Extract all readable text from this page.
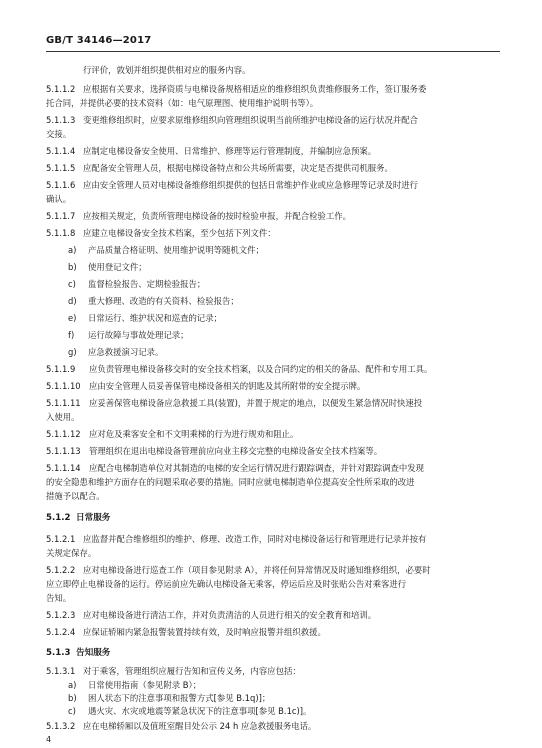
GB/T 34146—2017
行评价，敦划并组织提供相对应的服务内容。
5.1.1.2 应根据有关要求，选择资质与电梯设备规格相适应的维修组织负责维修服务工作，签订服务委
托合同，并提供必要的技术资料（如：电气原理图、使用维护说明书等）。
5.1.1.3 变更维修组织时，应要求原维修组织向管理组织说明当前所维护电梯设备的运行状况并配合
交接。
5.1.1.4 应制定电梯设备安全使用、日常维护、修理等运行管理制度，并编制应急预案。
5.1.1.5 应配备安全管理人员，根据电梯设备特点和公共场所需要，决定是否提供司机服务。
5.1.1.6 应由安全管理人员对电梯设备维修组织提供的包括日常维护作业或应急修理等记录及时进行
确认。
5.1.1.7 应按相关规定，负责所管理电梯设备的按时检验申报，并配合检验工作。
5.1.1.8 应建立电梯设备安全技术档案，至少包括下列文件：
a) 产品质量合格证明、使用维护说明等随机文件；
b) 使用登记文件；
c) 监督检验报告、定期检验报告；
d) 重大修理、改造的有关资料、检验报告；
e) 日常运行、维护状况和巡査的记录；
f) 运行故障与事故处理记录；
g) 应急救援演习记录。
5.1.1.9 应负责管理电梯设备移交时的安全技术档案，以及合同约定的相关的备品、配件和专用工具。
5.1.1.10 应由安全管理人员妥善保管电梯设备相关的钥匙及其所附带的安全提示牌。
5.1.1.11 应妥善保管电梯设备应急救援工具(装置)，并置于规定的地点，以便发生紧急情况时快速投
入使用。
5.1.1.12 应对危及乘客安全和不文明乘梯的行为进行规劝和阻止。
5.1.1.13 管理组织在退出电梯设备管理前应向业主移交完整的电梯设备安全技术档案等。
5.1.1.14 应配合电梯制造单位对其制造的电梯的安全运行情况进行跟踪调查，并针对跟踪调查中发现
的安全隐患和维护方面存在的问题采取必要的措施。同时应就电梯制造单位提高安全性所采取的改进
措施予以配合。
5.1.2 日常服务
5.1.2.1 应监督并配合维修组织的维护、修理、改造工作，同时对电梯设备运行和管理进行记录并按有
关规定保存。
5.1.2.2 应对电梯设备进行巡查工作（项目参见附录 A），并将任何异常情况及时通知维修组织，必要时
应立即停止电梯设备的运行。停运前应先确认电梯设备无乘客，停运后应及时张贴公告对乘客进行
告知。
5.1.2.3 应对电梯设备进行清洁工作，并对负责清洁的人员进行相关的安全教育和培训。
5.1.2.4 应保证轿厢内紧急报警装置持续有效，及时响应报警并组织救援。
5.1.3 告知服务
5.1.3.1 对于乘客，管理组织应履行告知和宣传义务，内容应包括：
a) 日常使用指南（参见附录 B）；
b) 困人状态下的注意事项和报警方式[参见 B.1q)]；
c) 遇火灾、水灾或地震等紧急状况下的注意事项[参见 B.1c)]。
5.1.3.2 应在电梯轿厢以及值班室醒目处公示 24 h 应急救援服务电话。
4
